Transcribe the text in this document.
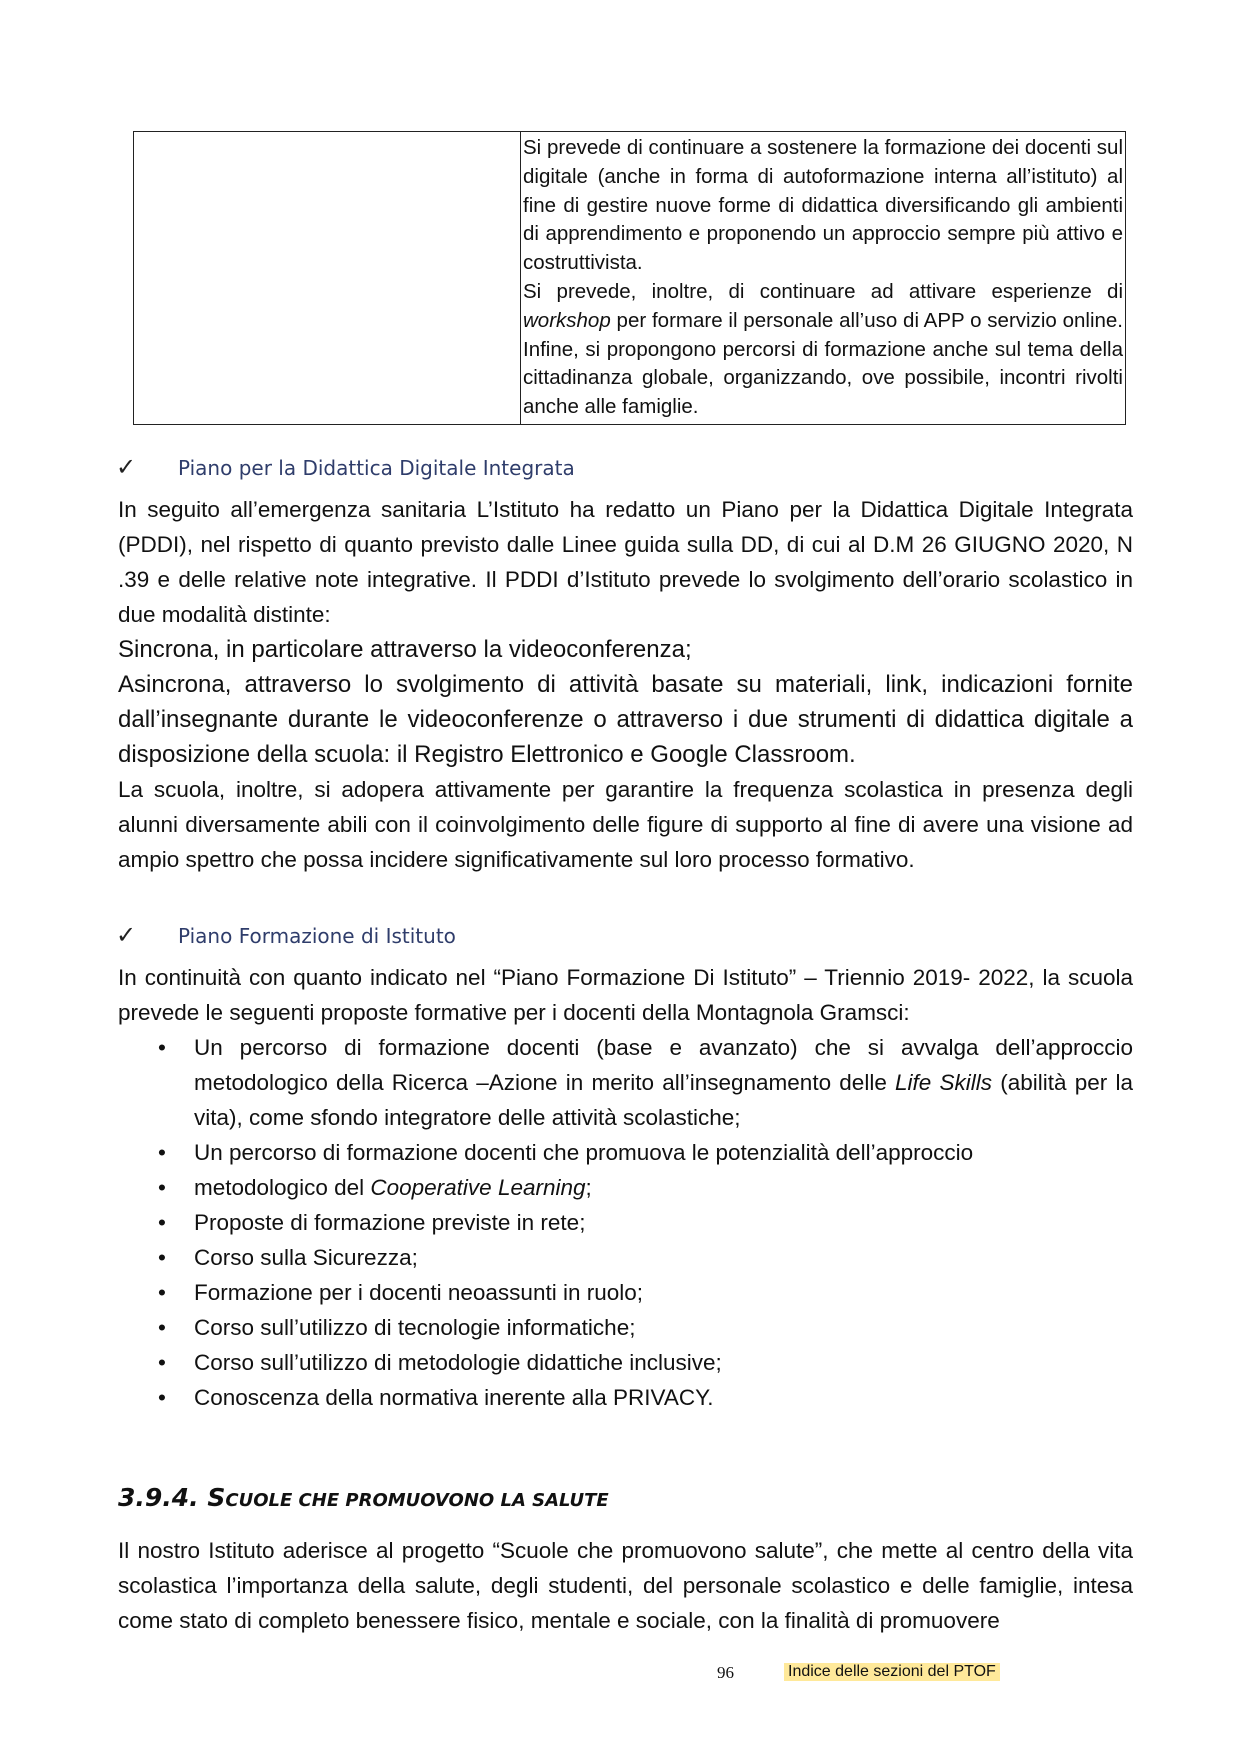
Si prevede di continuare a sostenere la formazione dei docenti sul digitale (anche in forma di autoformazione interna all’istituto) al fine di gestire nuove forme di didattica diversificando gli ambienti di apprendimento e proponendo un approccio sempre più attivo e costruttivista.

Si prevede, inoltre, di continuare ad attivare esperienze di workshop per formare il personale all’uso di APP o servizio online. Infine, si propongono percorsi di formazione anche sul tema della cittadinanza globale, organizzando, ove possibile, incontri rivolti anche alle famiglie.

✓ Piano per la Didattica Digitale Integrata

In seguito all’emergenza sanitaria L’Istituto ha redatto un Piano per la Didattica Digitale Integrata (PDDI), nel rispetto di quanto previsto dalle Linee guida sulla DD, di cui al D.M 26 GIUGNO 2020, N .39 e delle relative note integrative. Il PDDI d’Istituto prevede lo svolgimento dell’orario scolastico in due modalità distinte:

Sincrona, in particolare attraverso la videoconferenza;

Asincrona, attraverso lo svolgimento di attività basate su materiali, link, indicazioni fornite dall’insegnante durante le videoconferenze o attraverso i due strumenti di didattica digitale a disposizione della scuola: il Registro Elettronico e Google Classroom.

La scuola, inoltre, si adopera attivamente per garantire la frequenza scolastica in presenza degli alunni diversamente abili con il coinvolgimento delle figure di supporto al fine di avere una visione ad ampio spettro che possa incidere significativamente sul loro processo formativo.

✓ Piano Formazione di Istituto

In continuità con quanto indicato nel “Piano Formazione Di Istituto” – Triennio 2019- 2022, la scuola prevede le seguenti proposte formative per i docenti della Montagnola Gramsci:

• Un percorso di formazione docenti (base e avanzato) che si avvalga dell’approccio metodologico della Ricerca –Azione in merito all’insegnamento delle Life Skills (abilità per la vita), come sfondo integratore delle attività scolastiche;
• Un percorso di formazione docenti che promuova le potenzialità dell’approccio
• metodologico del Cooperative Learning;
• Proposte di formazione previste in rete;
• Corso sulla Sicurezza;
• Formazione per i docenti neoassunti in ruolo;
• Corso sull’utilizzo di tecnologie informatiche;
• Corso sull’utilizzo di metodologie didattiche inclusive;
• Conoscenza della normativa inerente alla PRIVACY.
3.9.4. SCUOLE CHE PROMUOVONO LA SALUTE

Il nostro Istituto aderisce al progetto “Scuole che promuovono salute”, che mette al centro della vita scolastica l’importanza della salute, degli studenti, del personale scolastico e delle famiglie, intesa come stato di completo benessere fisico, mentale e sociale, con la finalità di promuovere

96	Indice delle sezioni del PTOF
